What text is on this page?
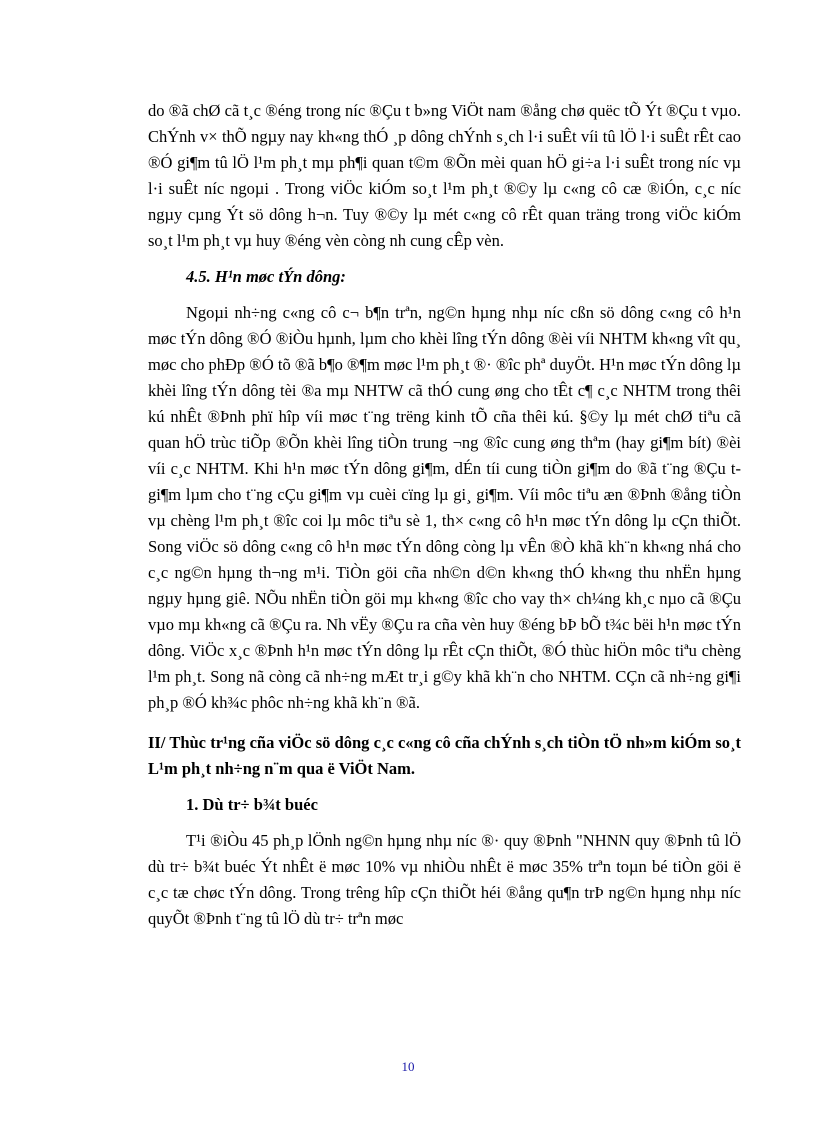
do ®ã chØ cã t¸c ®éng trong níc ®Çu t b»ng ViÖt nam ®ång chø quëc tÕ Ýt ®Çu t vµo. ChÝnh v× thÕ ngµy nay kh«ng thÓ ¸p dông chÝnh s¸ch l·i suÊt víi tû lÖ l·i suÊt rÊt cao ®Ó gi¶m tû lÖ l¹m ph¸t mµ ph¶i quan t©m ®Õn mèi quan hÖ gi÷a l·i suÊt trong níc vµ l·i suÊt níc ngoµi . Trong viÖc kiÓm so¸t l¹m ph¸t ®©y lµ c«ng cô cæ ®iÓn, c¸c níc ngµy cµng Ýt sö dông h¬n. Tuy ®©y lµ mét c«ng cô rÊt quan träng trong viÖc kiÓm so¸t l¹m ph¸t vµ huy ®éng vèn còng nh cung cÊp vèn.

4.5. H¹n møc tÝn dông:

Ngoµi nh÷ng c«ng cô c¬ b¶n trªn, ng©n hµng nhµ níc cßn sö dông c«ng cô h¹n møc tÝn dông ®Ó ®iÒu hµnh, lµm cho khèi lîng tÝn dông ®èi víi NHTM kh«ng vît qu¸ møc cho phÐp ®Ó tõ ®ã b¶o ®¶m møc l¹m ph¸t ®· ®îc phª duyÖt. H¹n møc tÝn dông lµ khèi lîng tÝn dông tèi ®a mµ NHTW cã thÓ cung øng cho tÊt c¶ c¸c NHTM trong thêi kú nhÊt ®Þnh phï hîp víi møc t¨ng trëng kinh tÕ cña thêi kú. §©y lµ mét chØ tiªu cã quan hÖ trùc tiÕp ®Õn khèi lîng tiÒn trung ¬ng ®îc cung øng thªm (hay gi¶m bít) ®èi víi c¸c NHTM. Khi h¹n møc tÝn dông gi¶m, dÉn tíi cung tiÒn gi¶m do ®ã t¨ng ®Çu t gi¶m lµm cho t¨ng cÇu gi¶m vµ cuèi cïng lµ gi¸ gi¶m. Víi môc tiªu æn ®Þnh ®ång tiÒn vµ chèng l¹m ph¸t ®îc coi lµ môc tiªu sè 1, th× c«ng cô h¹n møc tÝn dông lµ cÇn thiÕt. Song viÖc sö dông c«ng cô h¹n møc tÝn dông còng lµ vÊn ®Ò khã kh¨n kh«ng nhá cho c¸c ng©n hµng th¬ng m¹i. TiÒn göi cña nh©n d©n kh«ng thÓ kh«ng thu nhËn hµng ngµy hµng giê. NÕu nhËn tiÒn göi mµ kh«ng ®îc cho vay th× ch¼ng kh¸c nµo cã ®Çu vµo mµ kh«ng cã ®Çu ra. Nh vËy ®Çu ra cña vèn huy ®éng bÞ bÕ t¾c bëi h¹n møc tÝn dông. ViÖc x¸c ®Þnh h¹n møc tÝn dông lµ rÊt cÇn thiÕt, ®Ó thùc hiÖn môc tiªu chèng l¹m ph¸t. Song nã còng cã nh÷ng mÆt tr¸i g©y khã kh¨n cho NHTM. CÇn cã nh÷ng gi¶i ph¸p ®Ó kh¾c phôc nh÷ng khã kh¨n ®ã.

II/ Thùc tr¹ng cña viÖc sö dông c¸c c«ng cô cña chÝnh s¸ch tiÒn tÖ nh»m kiÓm so¸t L¹m ph¸t nh÷ng n¨m qua ë ViÖt Nam.
1. Dù tr÷ b¾t buéc

T¹i ®iÒu 45 ph¸p lÖnh ng©n hµng nhµ níc ®· quy ®Þnh "NHNN quy ®Þnh tû lÖ dù tr÷ b¾t buéc Ýt nhÊt ë møc 10% vµ nhiÒu nhÊt ë møc 35% trªn toµn bé tiÒn göi ë c¸c tæ chøc tÝn dông. Trong trêng hîp cÇn thiÕt héi ®ång qu¶n trÞ ng©n hµng nhµ níc quyÕt ®Þnh t¨ng tû lÖ dù tr÷ trªn møc

10
